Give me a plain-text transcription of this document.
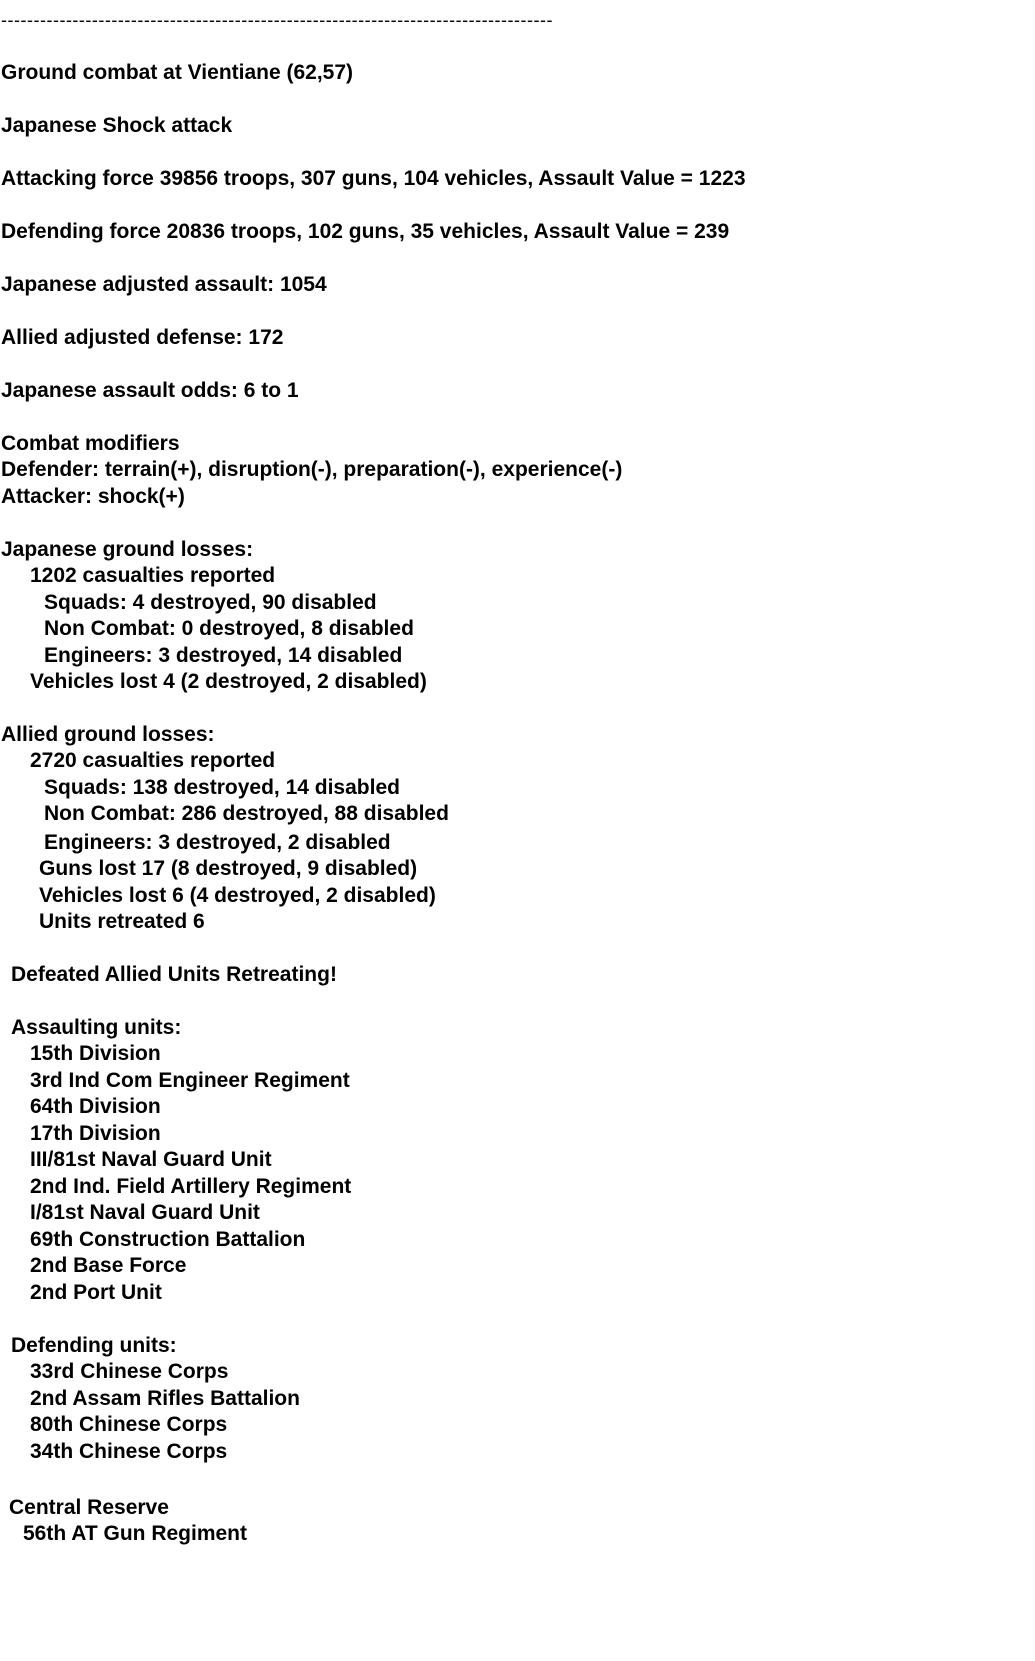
-------------------------------------------------------------------------------------
Ground combat at Vientiane (62,57)
Japanese Shock attack
Attacking force 39856 troops, 307 guns, 104 vehicles, Assault Value = 1223
Defending force 20836 troops, 102 guns, 35 vehicles, Assault Value = 239
Japanese adjusted assault: 1054
Allied adjusted defense: 172
Japanese assault odds: 6 to 1
Combat modifiers
Defender: terrain(+), disruption(-), preparation(-), experience(-)
Attacker: shock(+)
Japanese ground losses:
1202 casualties reported
Squads: 4 destroyed, 90 disabled
Non Combat: 0 destroyed, 8 disabled
Engineers: 3 destroyed, 14 disabled
Vehicles lost 4 (2 destroyed, 2 disabled)
Allied ground losses:
2720 casualties reported
Squads: 138 destroyed, 14 disabled
Non Combat: 286 destroyed, 88 disabled
Engineers: 3 destroyed, 2 disabled
Guns lost 17 (8 destroyed, 9 disabled)
Vehicles lost 6 (4 destroyed, 2 disabled)
Units retreated 6
Defeated Allied Units Retreating!
Assaulting units:
15th Division
3rd Ind Com Engineer Regiment
64th Division
17th Division
III/81st Naval Guard Unit
2nd Ind. Field Artillery Regiment
I/81st Naval Guard Unit
69th Construction Battalion
2nd Base Force
2nd Port Unit
Defending units:
33rd Chinese Corps
2nd Assam Rifles Battalion
80th Chinese Corps
34th Chinese Corps
Central Reserve
56th AT Gun Regiment
